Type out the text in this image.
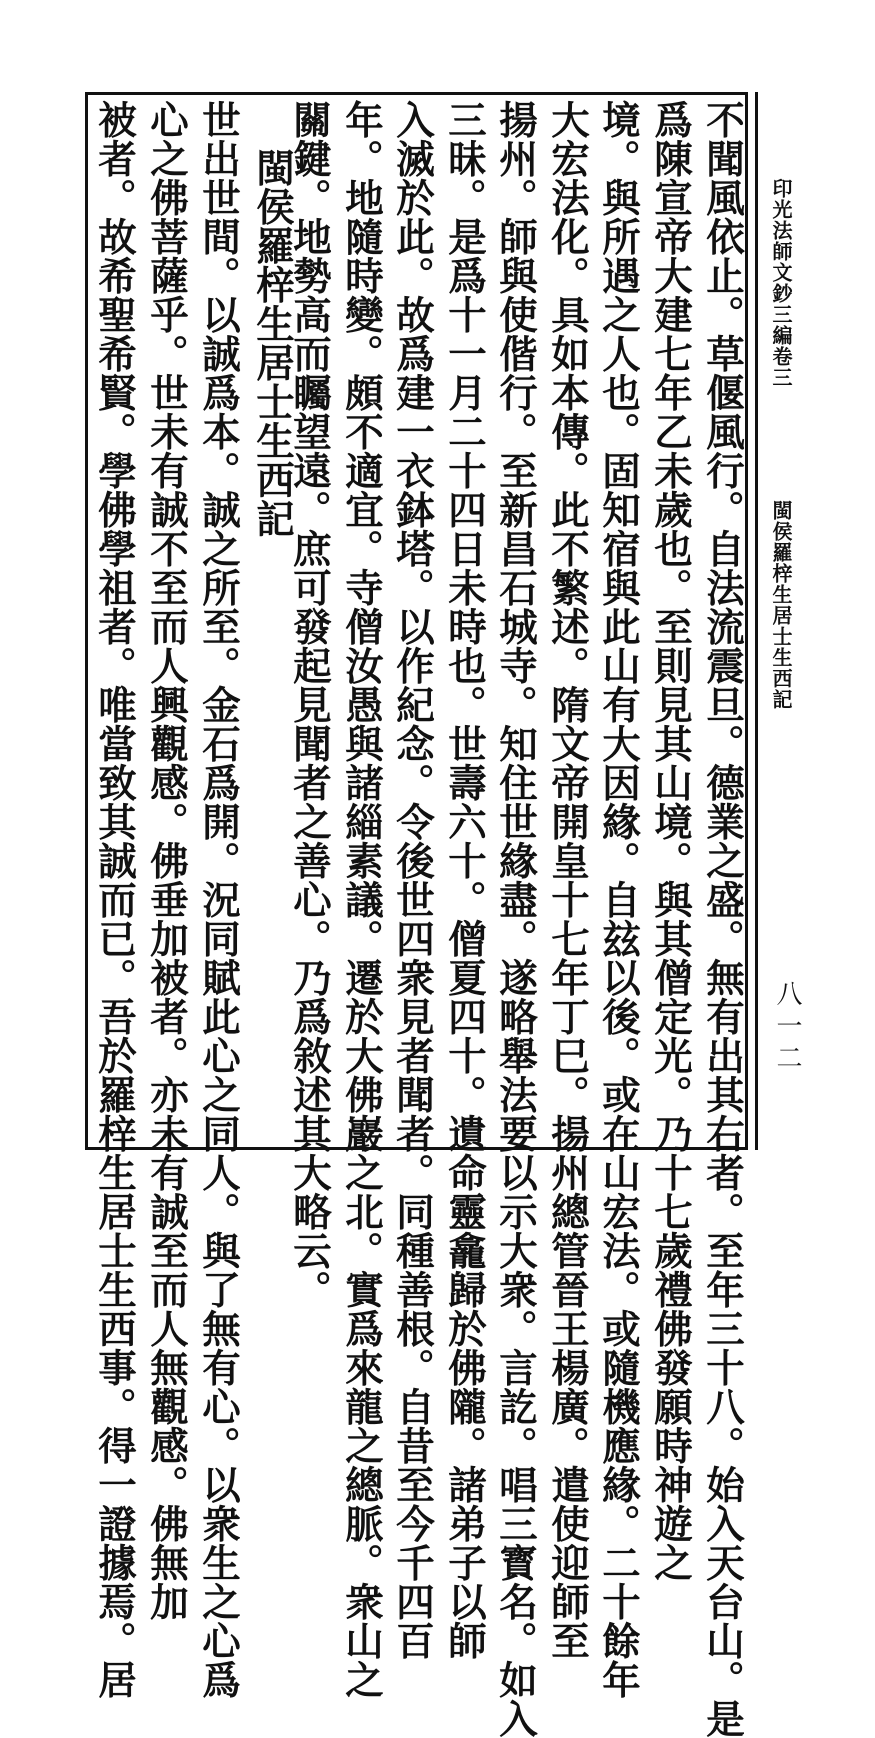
印光法師文鈔三編卷三
閩侯羅梓生居士生西記
八一二
不聞風依止。草偃風行。自法流震旦。德業之盛。無有出其右者。至年三十八。始入天台山。是
爲陳宣帝大建七年乙未歲也。至則見其山境。與其僧定光。乃十七歲禮佛發願時神遊之
境。與所遇之人也。固知宿與此山有大因緣。自玆以後。或在山宏法。或隨機應緣。二十餘年
大宏法化。具如本傳。此不繁述。隋文帝開皇十七年丁巳。揚州總管晉王楊廣。遣使迎師至
揚州。師與使偕行。至新昌石城寺。知住世緣盡。遂略舉法要以示大衆。言訖。唱三寳名。如入
三昧。是爲十一月二十四日未時也。世壽六十。僧夏四十。遺命靈龕歸於佛隴。諸弟子以師
入滅於此。故爲建一衣鉢塔。以作紀念。令後世四衆見者聞者。同種善根。自昔至今千四百
年。地隨時變。頗不適宜。寺僧汝愚與諸緇素議。遷於大佛巖之北。實爲來龍之總脈。衆山之
關鍵。地勢高而矚望遠。庶可發起見聞者之善心。乃爲敘述其大略云。
閩侯羅梓生居士生西記
世出世間。以誠爲本。誠之所至。金石爲開。況同賦此心之同人。與了無有心。以衆生之心爲
心之佛菩薩乎。世未有誠不至而人興觀感。佛垂加被者。亦未有誠至而人無觀感。佛無加
被者。故希聖希賢。學佛學祖者。唯當致其誠而已。吾於羅梓生居士生西事。得一證據焉。居
